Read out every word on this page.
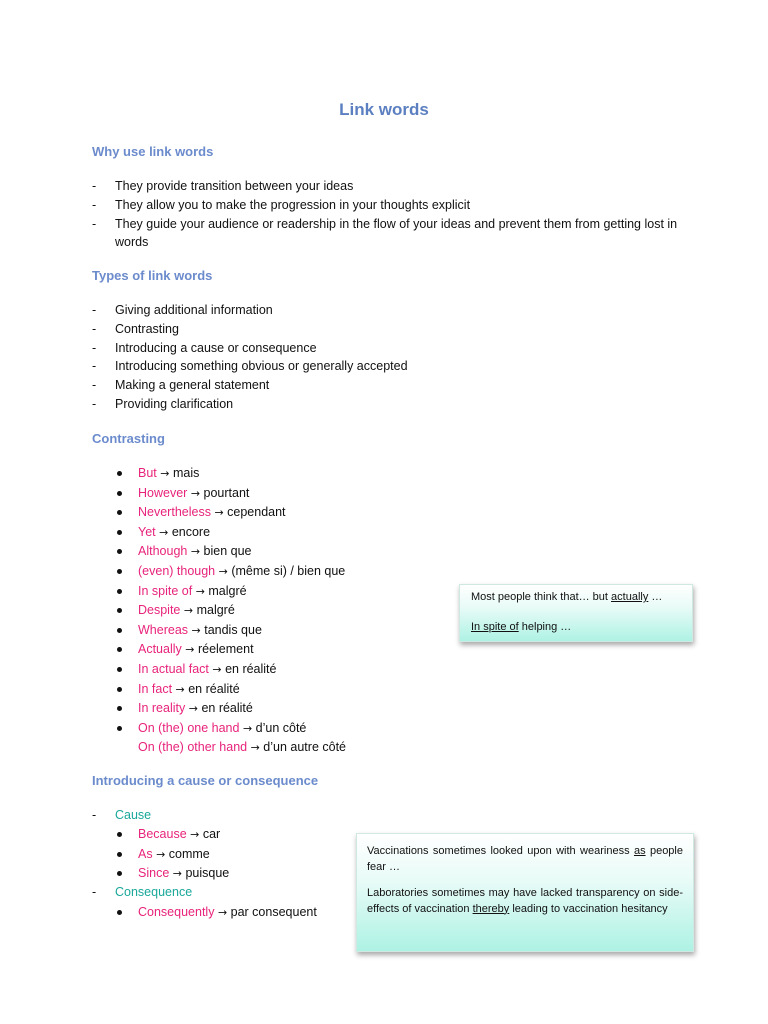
Link words
Why use link words
- They provide transition between your ideas
- They allow you to make the progression in your thoughts explicit
- They guide your audience or readership in the flow of your ideas and prevent them from getting lost in words
Types of link words
- Giving additional information
- Contrasting
- Introducing a cause or consequence
- Introducing something obvious or generally accepted
- Making a general statement
- Providing clarification
Contrasting
But → mais
However → pourtant
Nevertheless → cependant
Yet → encore
Although → bien que
(even) though → (même si) / bien que
In spite of → malgré
Despite → malgré
Whereas → tandis que
Actually → réelement
In actual fact → en réalité
In fact → en réalité
In reality → en réalité
On (the) one hand → d’un côté
On (the) other hand → d’un autre côté

Most people think that… but actually …

In spite of helping …

Introducing a cause or consequence
- Cause
Because → car
As → comme
Since → puisque
- Consequence
Consequently → par consequent

Vaccinations sometimes looked upon with weariness as people fear …

Laboratories sometimes may have lacked transparency on side-effects of vaccination thereby leading to vaccination hesitancy
